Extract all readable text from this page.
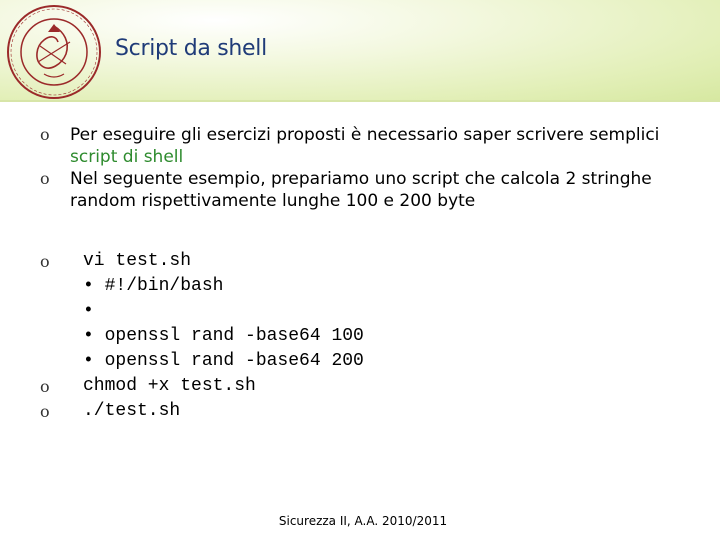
Script da shell
o Per eseguire gli esercizi proposti è necessario saper scrivere semplici script di shell
o Nel seguente esempio, prepariamo uno script che calcola 2 stringhe random rispettivamente lunghe 100 e 200 byte

o

vi test.sh

• #!/bin/bash

•

• openssl rand -base64 100

• openssl rand -base64 200

o

chmod +x test.sh

o

./test.sh

Sicurezza II, A.A. 2010/2011
